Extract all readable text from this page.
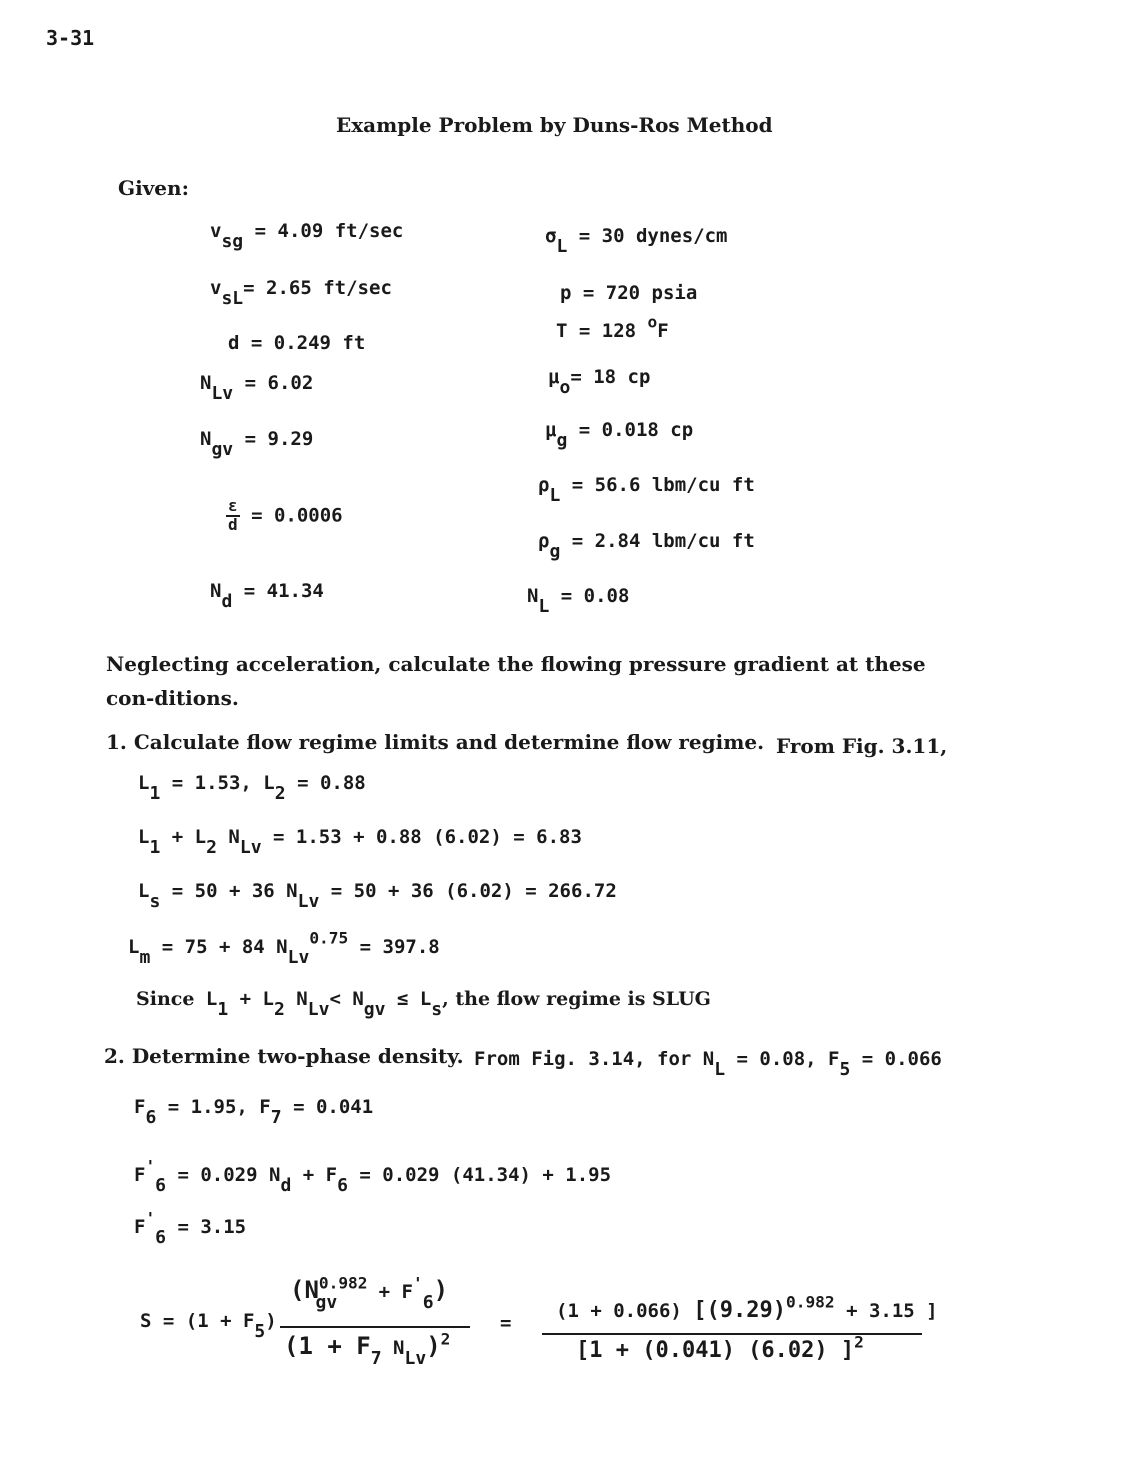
3-31
Example Problem by Duns-Ros Method
Given:
$v_{sg} = 4.09$ ft/sec
$v_{sL}= 2.65$ ft/sec
d = 0.249 ft
$N_{Lv} = 6.02$
$N_{gv} = 9.29$
$\frac{\varepsilon}{d} = 0.0006$
$N_d = 41.34$
$\sigma_L = 30$ dynes/cm
p = 720 psia
T = 128 $^o$F
$\mu_o= 18$ cp
$\mu_g = 0.018$ cp
$\rho_L = 56.6$ lbm/cu ft
$\rho_g = 2.84$ lbm/cu ft
$N_L = 0.08$
Neglecting acceleration, calculate the flowing pressure gradient at these con-ditions.
1. Calculate flow regime limits and determine flow regime. From Fig. 3.11,
$L_1 = 1.53$, $L_2 = 0.88$
$L_1 + L_2$ $N_{Lv} = 1.53 + 0.88$ (6.02) = 6.83
$L_s = 50 + 36$ $N_{Lv} = 50 + 36$ (6.02) = 266.72
$L_m = 75 + 84$ $N_{Lv}^{0.75} = 397.8$
Since $L_1 + L_2$ $N_{Lv}< N_{gv} \le L_s$, the flow regime is SLUG
2. Determine two-phase density. From Fig. 3.14, for $N_L = 0.08$, $F_5 = 0.066$
$F_6 = 1.95$, $F_7 = 0.041$
$F'_6 = 0.029$ $N_d + F_6 = 0.029$ (41.34) + 1.95
$F'_6 = 3.15$
$S = (1 + F_5)$
$(N^{0.982}_{gv} + F'_6)$
($1 + F_7$ $N_{Lv})^2$
=
(1 + 0.066) [$(9.29)^{0.982} + 3.15$ ]
[1 + (0.041) (6.02) ]$^2$
